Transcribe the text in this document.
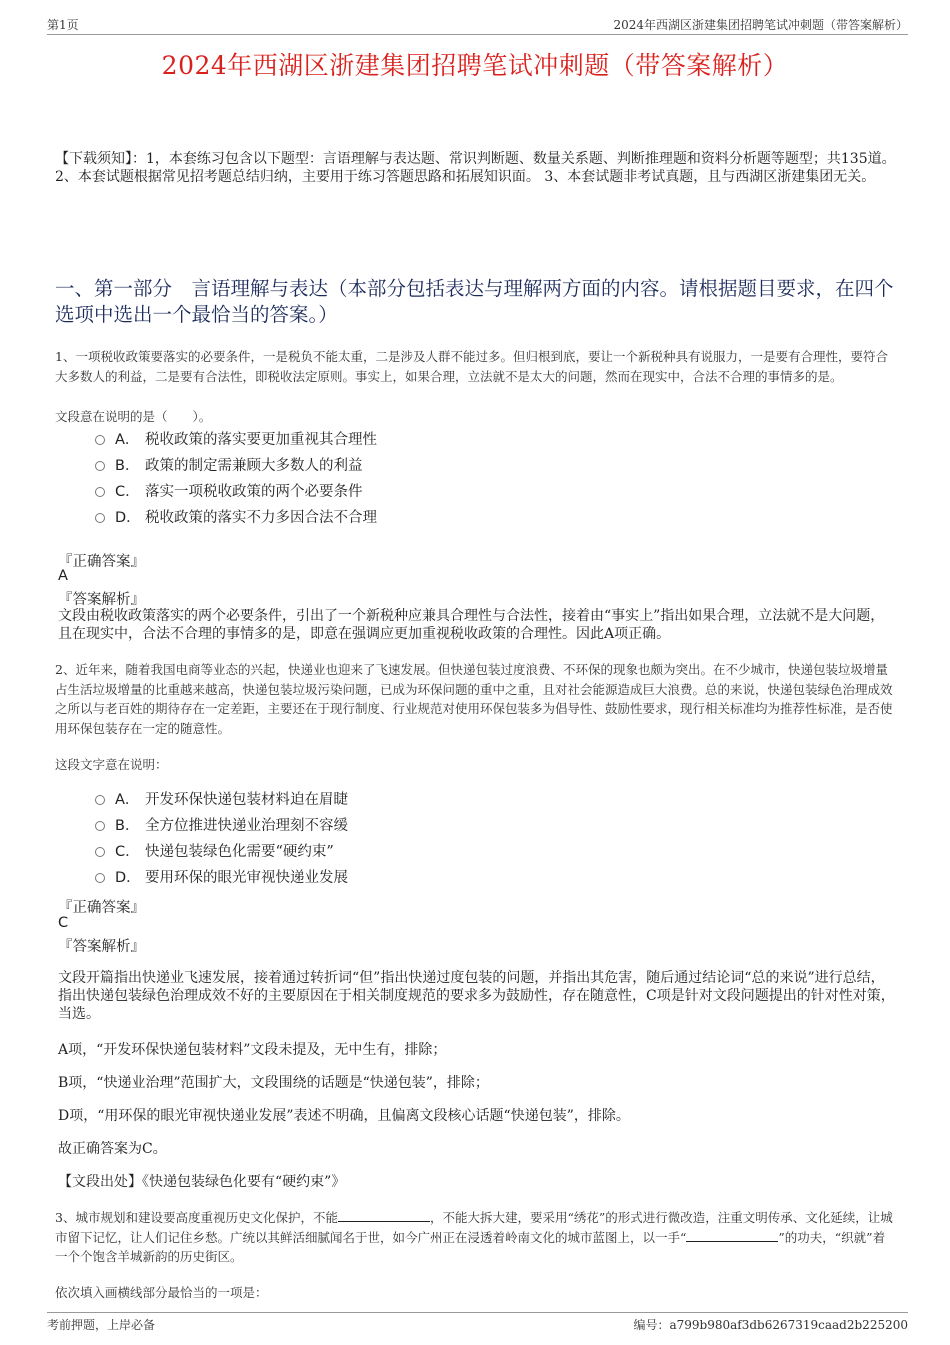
第1页	2024年西湖区浙建集团招聘笔试冲刺题（带答案解析）
2024年西湖区浙建集团招聘笔试冲刺题（带答案解析）
【下载须知】：1，本套练习包含以下题型：言语理解与表达题、常识判断题、数量关系题、判断推理题和资料分析题等题型；共135道。 2、本套试题根据常见招考题总结归纳，主要用于练习答题思路和拓展知识面。 3、本套试题非考试真题，且与西湖区浙建集团无关。
一、第一部分　言语理解与表达（本部分包括表达与理解两方面的内容。请根据题目要求，在四个选项中选出一个最恰当的答案。）
1、一项税收政策要落实的必要条件，一是税负不能太重，二是涉及人群不能过多。但归根到底，要让一个新税种具有说服力，一是要有合理性，要符合大多数人的利益，二是要有合法性，即税收法定原则。事实上，如果合理，立法就不是太大的问题，然而在现实中，合法不合理的事情多的是。
文段意在说明的是（　　）。
A． 税收政策的落实要更加重视其合理性
B． 政策的制定需兼顾大多数人的利益
C． 落实一项税收政策的两个必要条件
D． 税收政策的落实不力多因合法不合理
『正确答案』
A
『答案解析』
文段由税收政策落实的两个必要条件，引出了一个新税种应兼具合理性与合法性，接着由“事实上”指出如果合理，立法就不是大问题，且在现实中，合法不合理的事情多的是，即意在强调应更加重视税收政策的合理性。因此A项正确。
2、近年来，随着我国电商等业态的兴起，快递业也迎来了飞速发展。但快递包装过度浪费、不环保的现象也颇为突出。在不少城市，快递包装垃圾增量占生活垃圾增量的比重越来越高，快递包装垃圾污染问题，已成为环保问题的重中之重，且对社会能源造成巨大浪费。总的来说，快递包装绿色治理成效之所以与老百姓的期待存在一定差距，主要还在于现行制度、行业规范对使用环保包装多为倡导性、鼓励性要求，现行相关标准均为推荐性标准，是否使用环保包装存在一定的随意性。
这段文字意在说明：
A． 开发环保快递包装材料迫在眉睫
B． 全方位推进快递业治理刻不容缓
C． 快递包装绿色化需要“硬约束”
D． 要用环保的眼光审视快递业发展
『正确答案』
C
『答案解析』
文段开篇指出快递业飞速发展，接着通过转折词“但”指出快递过度包装的问题，并指出其危害，随后通过结论词“总的来说”进行总结，指出快递包装绿色治理成效不好的主要原因在于相关制度规范的要求多为鼓励性，存在随意性，C项是针对文段问题提出的针对性对策，当选。
A项，“开发环保快递包装材料”文段未提及，无中生有，排除；
B项，“快递业治理”范围扩大，文段围绕的话题是“快递包装”，排除；
D项，“用环保的眼光审视快递业发展”表述不明确，且偏离文段核心话题“快递包装”，排除。
故正确答案为C。
【文段出处】《快递包装绿色化要有“硬约束”》
3、城市规划和建设要高度重视历史文化保护，不能	，不能大拆大建，要采用“绣花”的形式进行微改造，注重文明传承、文化延续，让城市留下记忆，让人们记住乡愁。广统以其鲜活细腻闻名于世，如今广州正在浸透着岭南文化的城市蓝图上，以一手“	”的功夫，“织就”着一个个饱含羊城新韵的历史街区。
依次填入画横线部分最恰当的一项是：
考前押题，上岸必备	编号：a799b980af3db6267319caad2b225200
